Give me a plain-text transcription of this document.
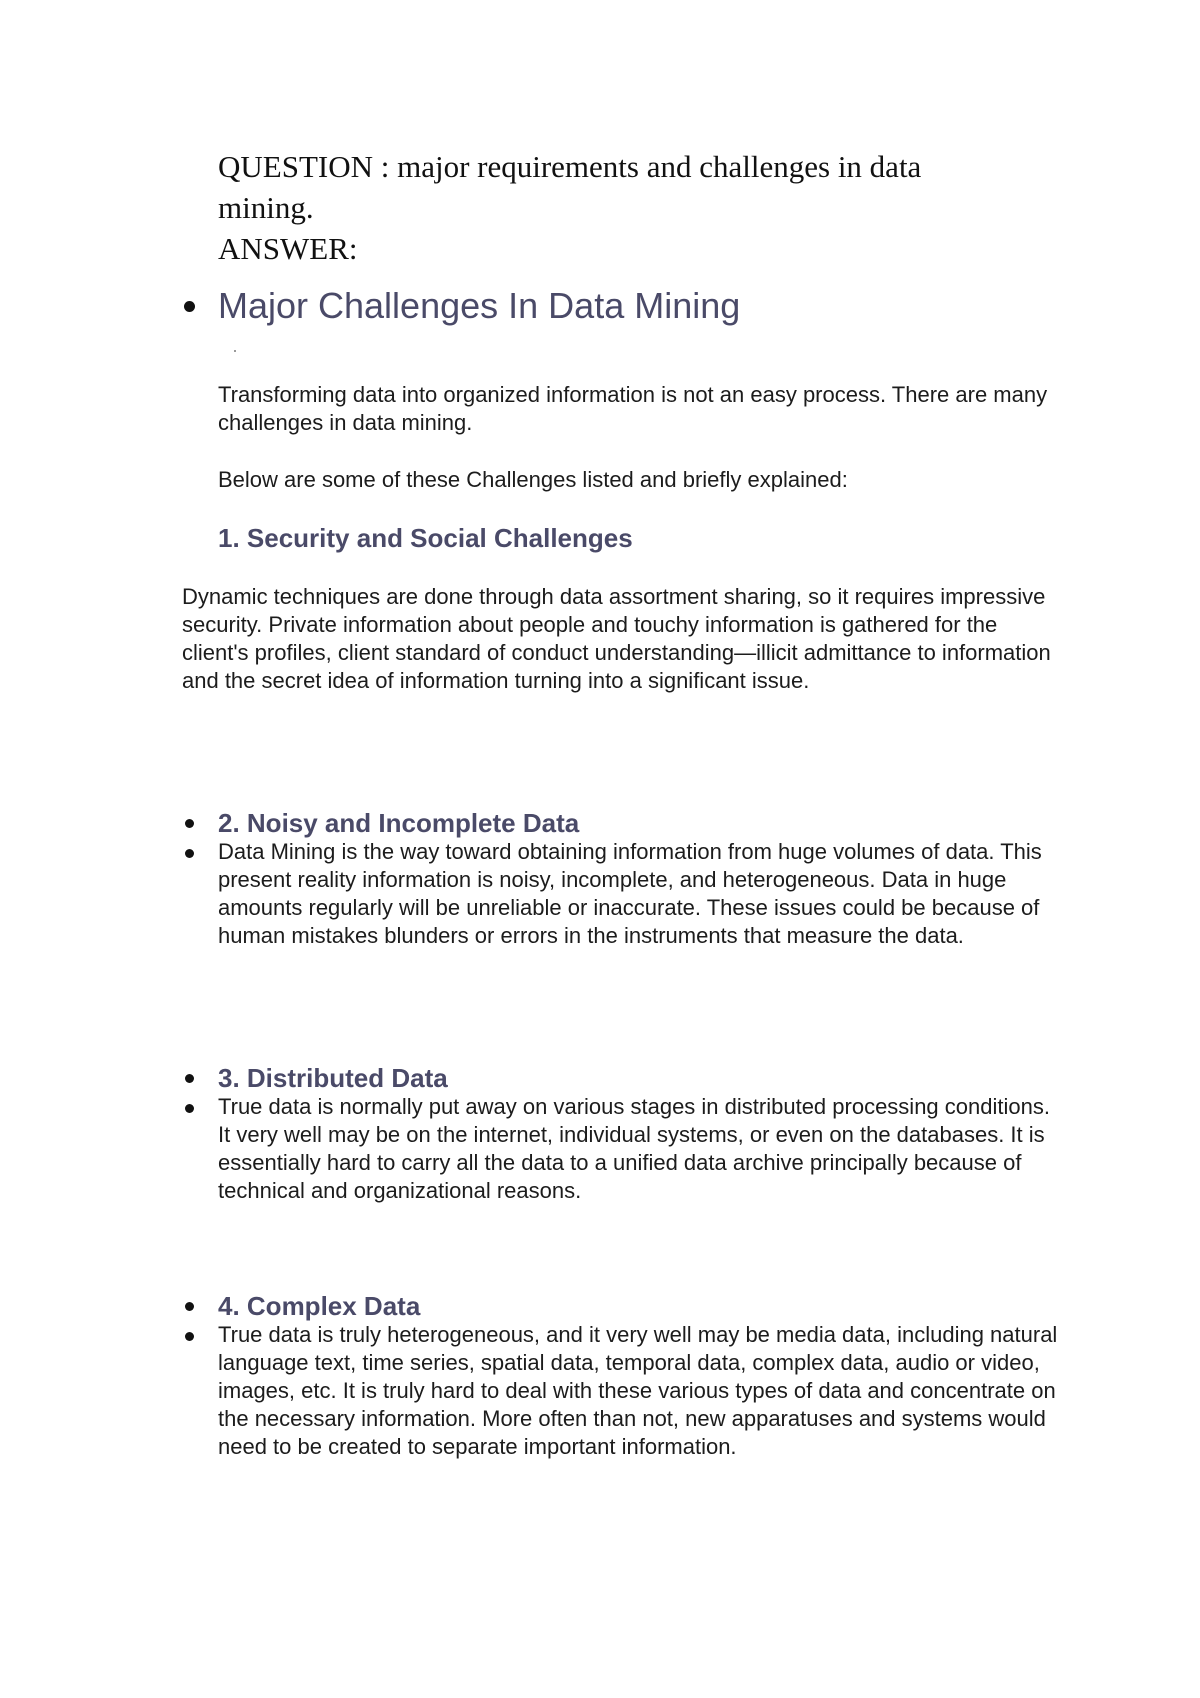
QUESTION : major requirements and challenges in data
mining.
ANSWER:
Major Challenges In Data Mining
Transforming data into organized information is not an easy process. There are many challenges in data mining.
Below are some of these Challenges listed and briefly explained:
1. Security and Social Challenges
Dynamic techniques are done through data assortment sharing, so it requires impressive security. Private information about people and touchy information is gathered for the client's profiles, client standard of conduct understanding—illicit admittance to information and the secret idea of information turning into a significant issue.
2. Noisy and Incomplete Data
Data Mining is the way toward obtaining information from huge volumes of data. This present reality information is noisy, incomplete, and heterogeneous. Data in huge amounts regularly will be unreliable or inaccurate. These issues could be because of human mistakes blunders or errors in the instruments that measure the data.
3. Distributed Data
True data is normally put away on various stages in distributed processing conditions. It very well may be on the internet, individual systems, or even on the databases. It is essentially hard to carry all the data to a unified data archive principally because of technical and organizational reasons.
4. Complex Data
True data is truly heterogeneous, and it very well may be media data, including natural language text, time series, spatial data, temporal data, complex data, audio or video, images, etc. It is truly hard to deal with these various types of data and concentrate on the necessary information. More often than not, new apparatuses and systems would need to be created to separate important information.
